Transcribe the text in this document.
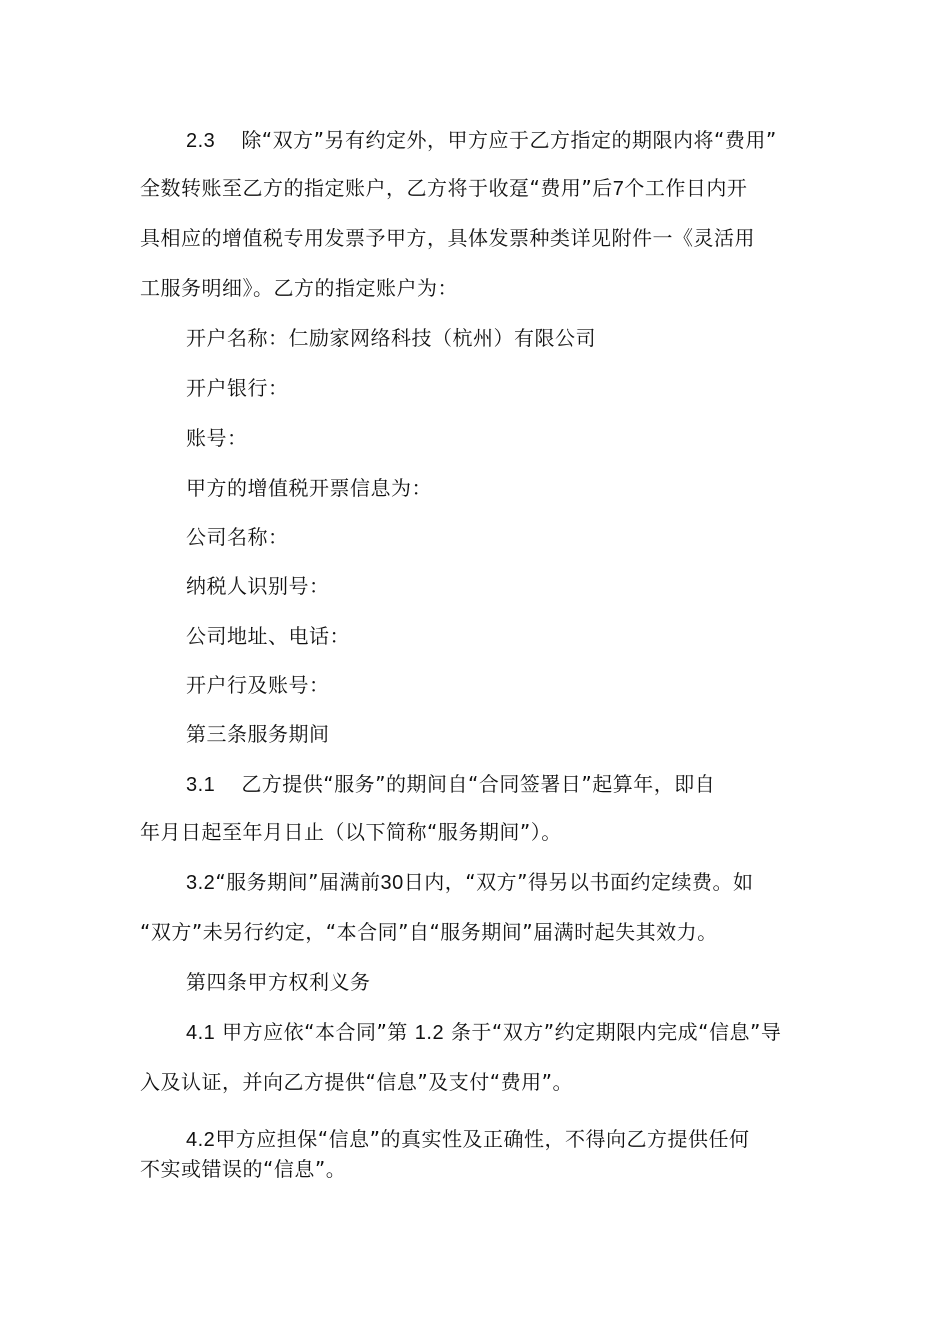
2.3 除“双方”另有约定外，甲方应于乙方指定的期限内将“费用”
全数转账至乙方的指定账户，乙方将于收趸“费用”后7个工作日内开
具相应的增值税专用发票予甲方，具体发票种类详见附件一《灵活用
工服务明细》。乙方的指定账户为：
开户名称：仁励家网络科技（杭州）有限公司
开户银行：
账号：
甲方的增值税开票信息为：
公司名称：
纳税人识别号：
公司地址、电话：
开户行及账号：
第三条服务期间
3.1 乙方提供“服务”的期间自“合同签署日”起算年，即自
年月日起至年月日止（以下简称“服务期间”）。
3.2“服务期间”届满前30日内，“双方”得另以书面约定续费。如
“双方”未另行约定，“本合同”自“服务期间”届满时起失其效力。
第四条甲方权利义务
4.1 甲方应依“本合同”第 1.2 条于“双方”约定期限内完成“信息”导
入及认证，并向乙方提供“信息”及支付“费用”。
4.2甲方应担保“信息”的真实性及正确性，不得向乙方提供任何
不实或错误的“信息”。
